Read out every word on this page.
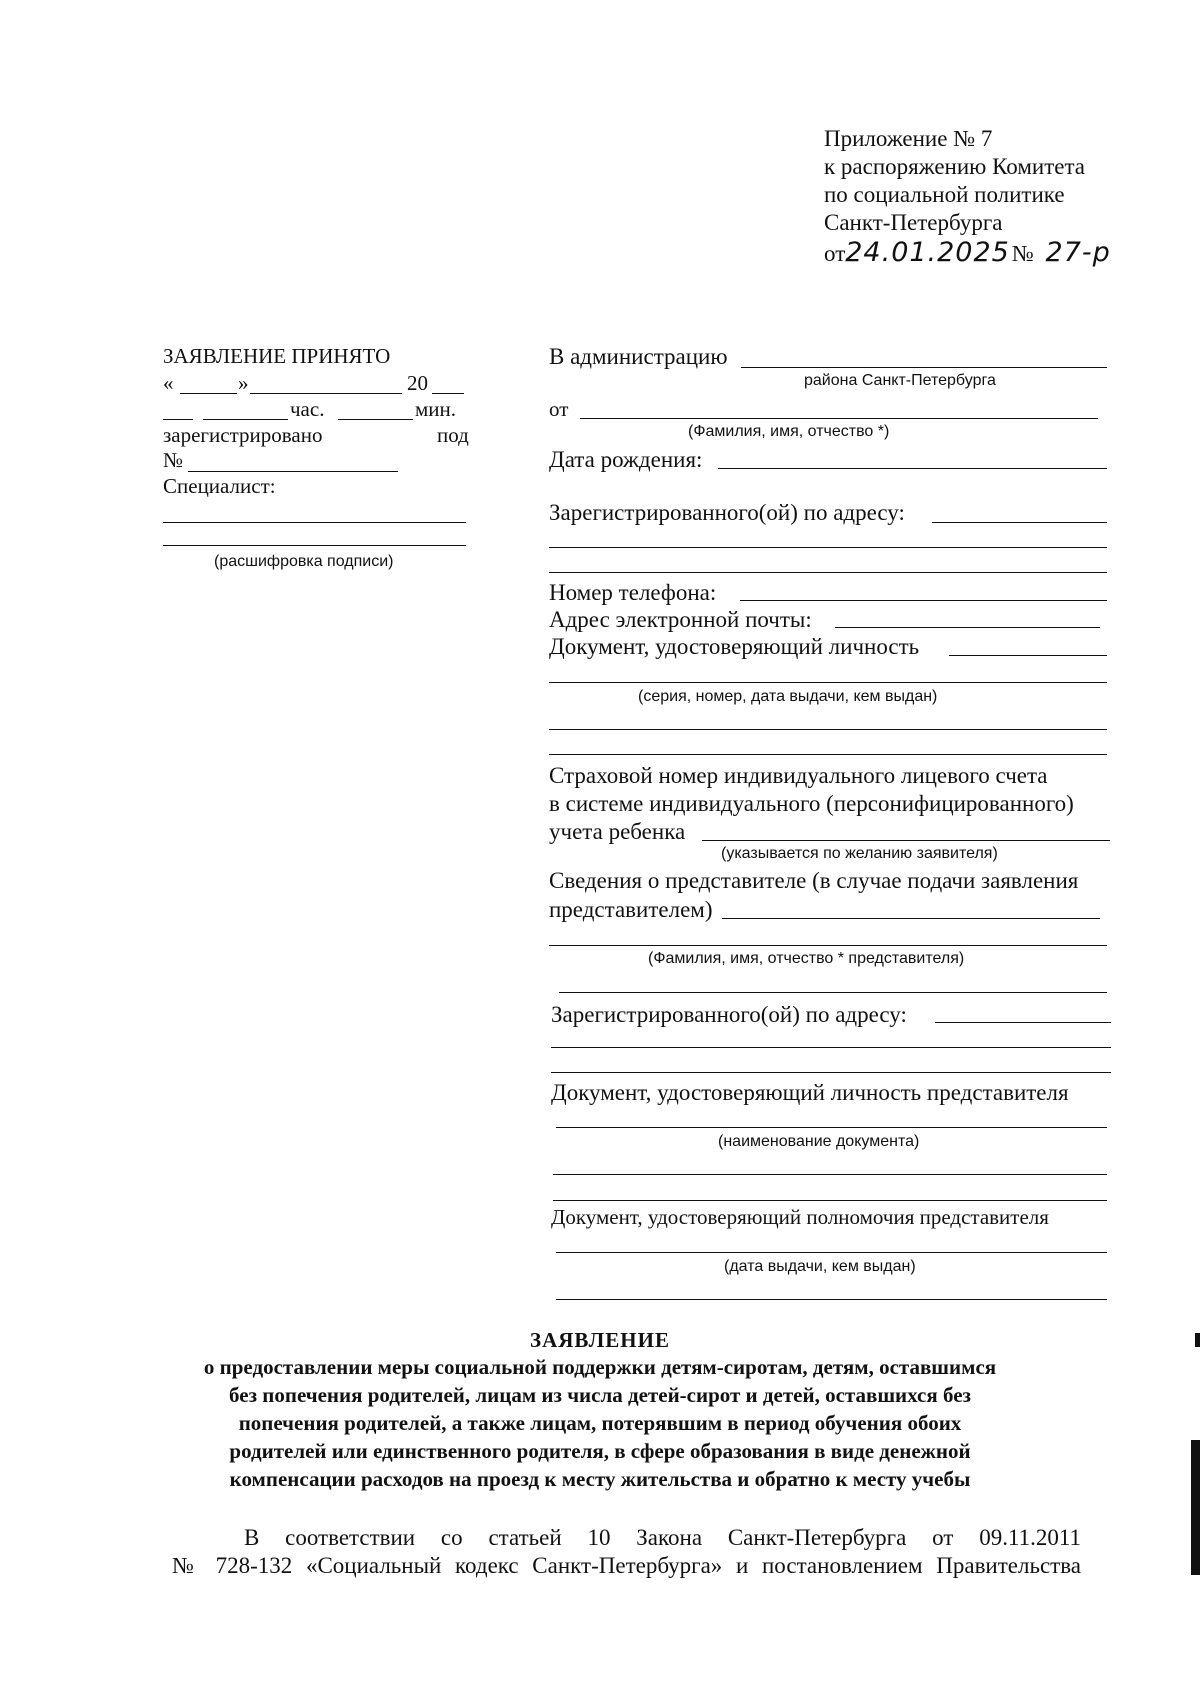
Приложение № 7
к распоряжению Комитета
по социальной политике
Санкт-Петербурга
от24.01.2025№ 27-р
ЗАЯВЛЕНИЕ ПРИНЯТО
«	»	20
час.	мин.
зарегистрировано	под
№
Специалист:
(расшифровка подписи)
В администрацию
района Санкт-Петербурга
от
(Фамилия, имя, отчество *)
Дата рождения:
Зарегистрированного(ой) по адресу:
Номер телефона:
Адрес электронной почты:
Документ, удостоверяющий личность
(серия, номер, дата выдачи, кем выдан)
Страховой номер индивидуального лицевого счета
в системе индивидуального (персонифицированного)
учета ребенка
(указывается по желанию заявителя)
Сведения о представителе (в случае подачи заявления
представителем)
(Фамилия, имя, отчество * представителя)
Зарегистрированного(ой) по адресу:
Документ, удостоверяющий личность представителя
(наименование документа)
Документ, удостоверяющий полномочия представителя
(дата выдачи, кем выдан)
ЗАЯВЛЕНИЕ
о предоставлении меры социальной поддержки детям-сиротам, детям, оставшимся
без попечения родителей, лицам из числа детей-сирот и детей, оставшихся без
попечения родителей, а также лицам, потерявшим в период обучения обоих
родителей или единственного родителя, в сфере образования в виде денежной
компенсации расходов на проезд к месту жительства и обратно к месту учебы
В соответствии со статьей 10 Закона Санкт-Петербурга от 09.11.2011
№ 728-132 «Социальный кодекс Санкт-Петербурга» и постановлением Правительства
